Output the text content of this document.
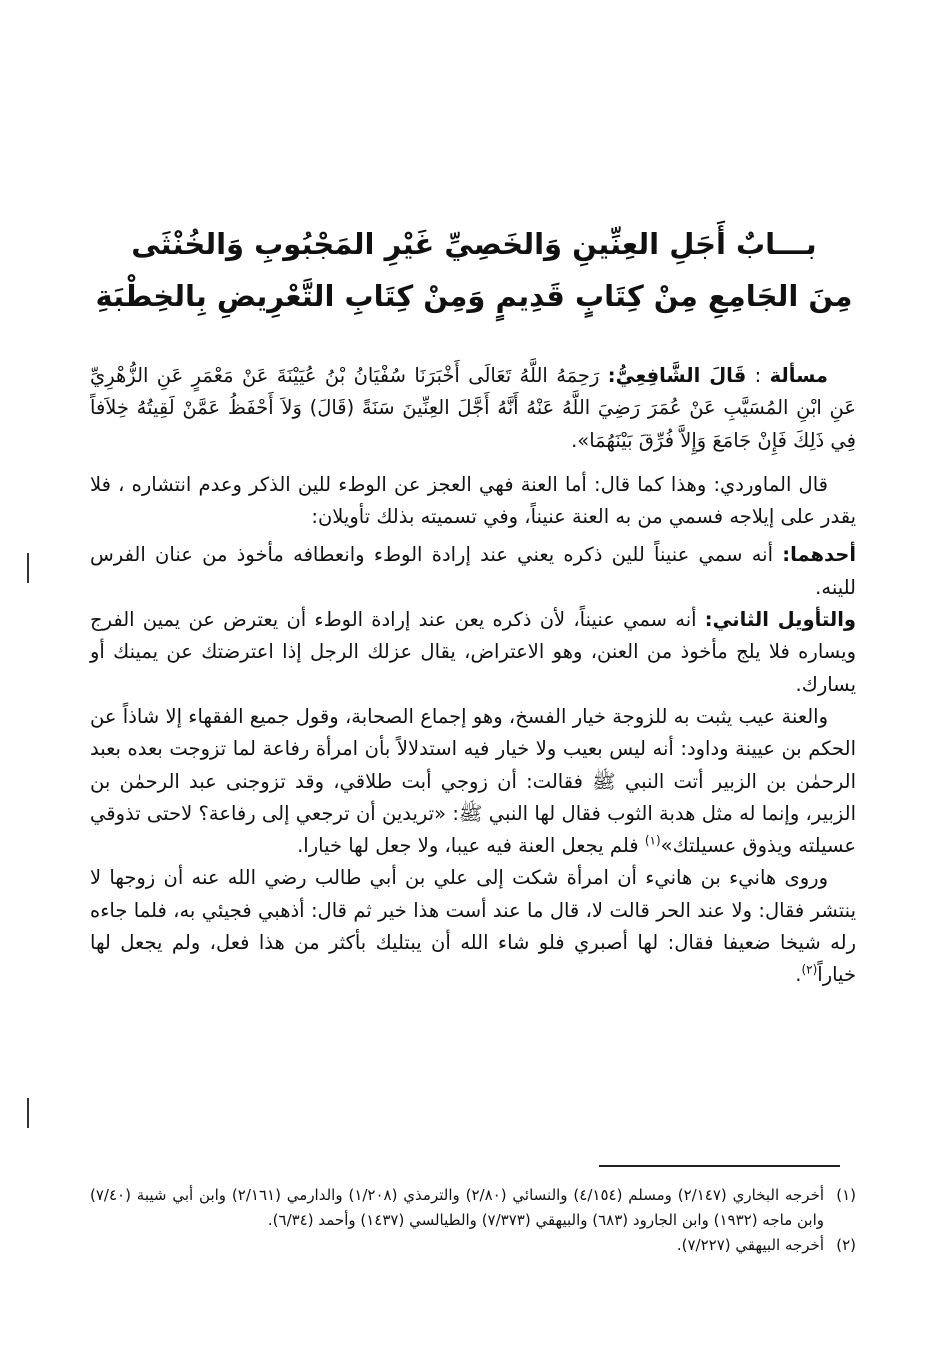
بـــابٌ أَجَلِ العِنِّينِ وَالخَصِيِّ غَيْرِ المَجْبُوبِ وَالخُنْثَى
مِنَ الجَامِعِ مِنْ كِتَابٍ قَدِيمٍ وَمِنْ كِتَابِ التَّعْرِيضِ بِالخِطْبَةِ

مسألة : قَالَ الشَّافِعِيُّ: رَحِمَهُ اللَّهُ تَعَالَى أَخْبَرَنَا سُفْيَانُ بْنُ عُيَيْنَةَ عَنْ مَعْمَرٍ عَنِ الزُّهْرِيِّ عَنِ ابْنِ المُسَيَّبِ عَنْ عُمَرَ رَضِيَ اللَّهُ عَنْهُ أَنَّهُ أَجَّلَ العِنِّينَ سَنَةً (قَالَ) وَلاَ أَحْفَظُ عَمَّنْ لَقِيتُهُ خِلاَفاً فِي ذَلِكَ فَإِنْ جَامَعَ وَإِلاَّ فُرِّقَ بَيْنَهُمَا».

قال الماوردي: وهذا كما قال: أما العنة فهي العجز عن الوطء للين الذكر وعدم انتشاره ، فلا يقدر على إيلاجه فسمي من به العنة عنيناً، وفي تسميته بذلك تأويلان:

أحدهما: أنه سمي عنيناً للين ذكره يعني عند إرادة الوطء وانعطافه مأخوذ من عنان الفرس للينه.

والتأويل الثاني: أنه سمي عنيناً، لأن ذكره يعن عند إرادة الوطء أن يعترض عن يمين الفرج ويساره فلا يلج مأخوذ من العنن، وهو الاعتراض، يقال عزلك الرجل إذا اعترضتك عن يمينك أو يسارك.

والعنة عيب يثبت به للزوجة خيار الفسخ، وهو إجماع الصحابة، وقول جميع الفقهاء إلا شاذاً عن الحكم بن عيينة وداود: أنه ليس بعيب ولا خيار فيه استدلالاً بأن امرأة رفاعة لما تزوجت بعده بعبد الرحمٰن بن الزبير أتت النبي ﷺ فقالت: أن زوجي أبت طلاقي، وقد تزوجنى عبد الرحمٰن بن الزبير، وإنما له مثل هدبة الثوب فقال لها النبي ﷺ: «تريدين أن ترجعي إلى رفاعة؟ لاحتى تذوقي عسيلته ويذوق عسيلتك»$^{(١)}$ فلم يجعل العنة فيه عيبا، ولا جعل لها خيارا.

وروى هانيء بن هانيء أن امرأة شكت إلى علي بن أبي طالب رضي الله عنه أن زوجها لا ينتشر فقال: ولا عند الحر قالت لا، قال ما عند أست هذا خير ثم قال: أذهبي فجيئي به، فلما جاءه رله شيخا ضعيفا فقال: لها أصبري فلو شاء الله أن يبتليك بأكثر من هذا فعل، ولم يجعل لها خياراً$^{(٢)}$.

(١)
أخرجه البخاري (٢/١٤٧) ومسلم (٤/١٥٤) والنسائي (٢/٨٠) والترمذي (١/٢٠٨) والدارمي (٢/١٦١) وابن أبي شيبة (٧/٤٠) وابن ماجه (١٩٣٢) وابن الجارود (٦٨٣) والبيهقي (٧/٣٧٣) والطيالسي (١٤٣٧) وأحمد (٦/٣٤).
(٢)
أخرجه البيهقي (٧/٢٢٧).
